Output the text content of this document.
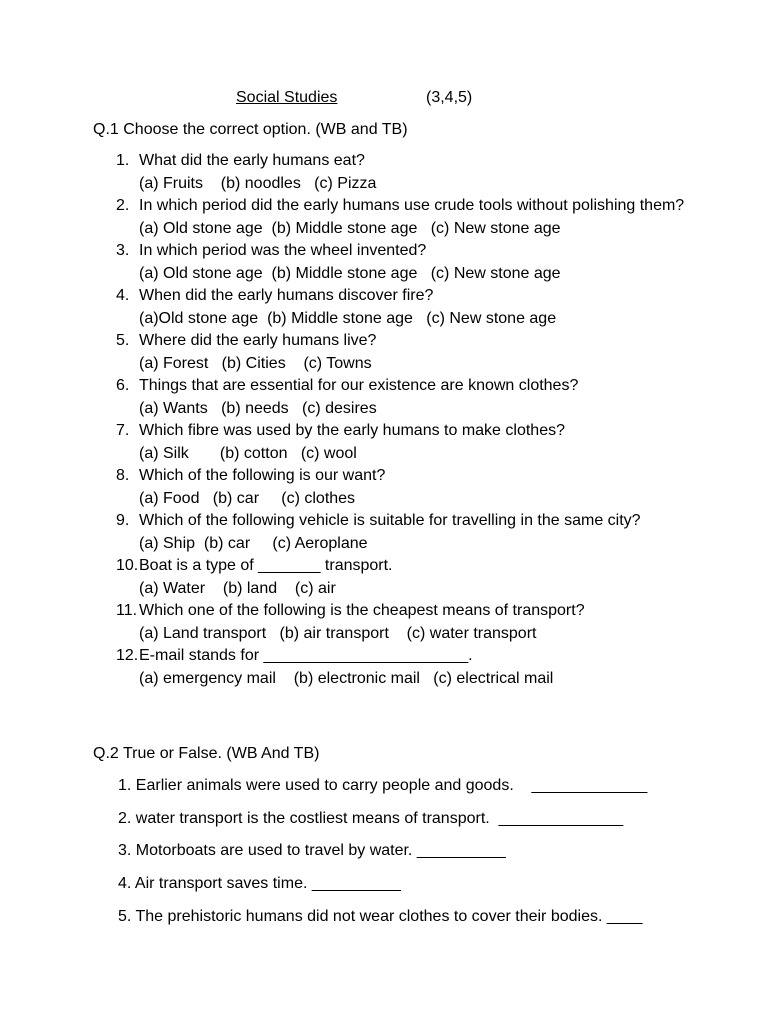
Social Studies	(3,4,5)
Q.1 Choose the correct option. (WB and TB)
1. What did the early humans eat?
(a) Fruits    (b) noodles   (c) Pizza
2. In which period did the early humans use crude tools without polishing them?
(a) Old stone age  (b) Middle stone age   (c) New stone age
3. In which period was the wheel invented?
(a) Old stone age  (b) Middle stone age   (c) New stone age
4. When did the early humans discover fire?
(a)Old stone age  (b) Middle stone age   (c) New stone age
5. Where did the early humans live?
(a) Forest   (b) Cities    (c) Towns
6. Things that are essential for our existence are known clothes?
(a) Wants   (b) needs   (c) desires
7. Which fibre was used by the early humans to make clothes?
(a) Silk       (b) cotton   (c) wool
8. Which of the following is our want?
(a) Food   (b) car     (c) clothes
9. Which of the following vehicle is suitable for travelling in the same city?
(a) Ship  (b) car     (c) Aeroplane
10. Boat is a type of _______ transport.
(a) Water    (b) land    (c) air
11. Which one of the following is the cheapest means of transport?
(a) Land transport   (b) air transport    (c) water transport
12. E-mail stands for _______________________.
(a) emergency mail    (b) electronic mail   (c) electrical mail
Q.2 True or False. (WB And TB)
1. Earlier animals were used to carry people and goods.    _____________
2. water transport is the costliest means of transport.  ______________
3. Motorboats are used to travel by water. __________
4. Air transport saves time. __________
5. The prehistoric humans did not wear clothes to cover their bodies. ____
